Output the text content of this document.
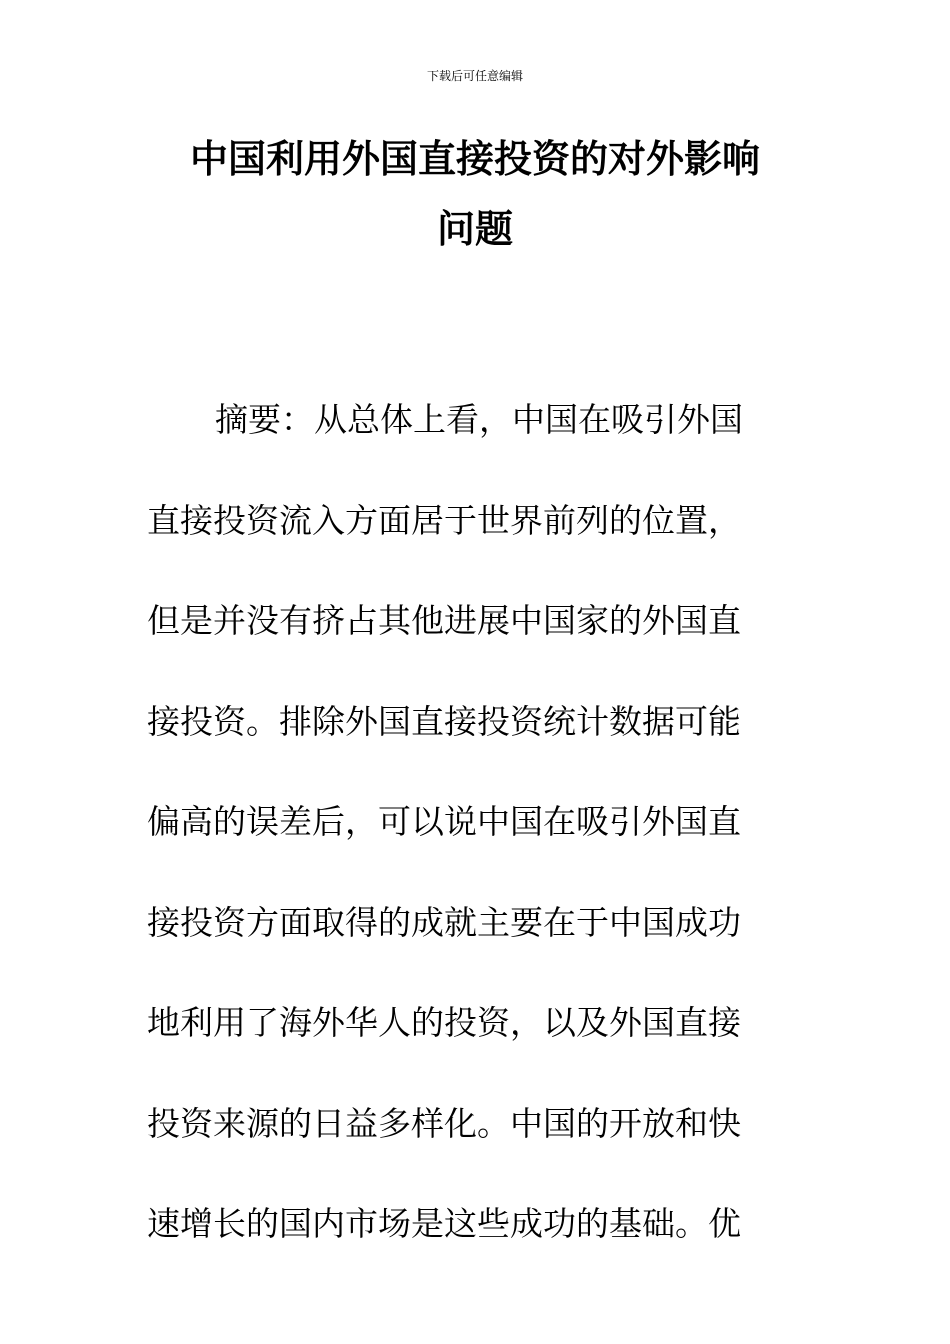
下载后可任意编辑
中国利用外国直接投资的对外影响
问题

摘要：从总体上看，中国在吸引外国
直接投资流入方面居于世界前列的位置，
但是并没有挤占其他进展中国家的外国直
接投资。排除外国直接投资统计数据可能
偏高的误差后，可以说中国在吸引外国直
接投资方面取得的成就主要在于中国成功
地利用了海外华人的投资，以及外国直接
投资来源的日益多样化。中国的开放和快
速增长的国内市场是这些成功的基础。优
